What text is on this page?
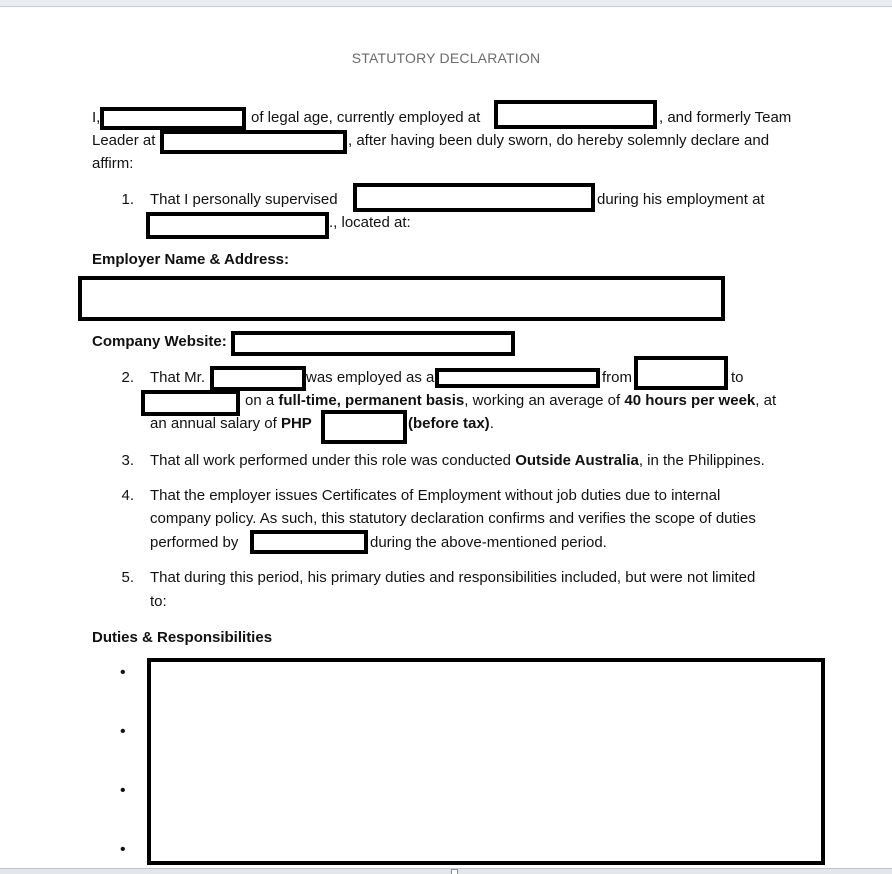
STATUTORY DECLARATION
I,	of legal age, currently employed at	, and formerly Team
Leader at	, after having been duly sworn, do hereby solemnly declare and
affirm:
1. That I personally supervised	during his employment at
., located at:
Employer Name & Address:
Company Website:
2. That Mr.	was employed as a	from	to
on a full-time, permanent basis, working an average of 40 hours per week, at
an annual salary of PHP	(before tax).
3. That all work performed under this role was conducted Outside Australia, in the Philippines.
4. That the employer issues Certificates of Employment without job duties due to internal
company policy. As such, this statutory declaration confirms and verifies the scope of duties
performed by	during the above-mentioned period.
5. That during this period, his primary duties and responsibilities included, but were not limited
to:
Duties & Responsibilities
•
•
•
•
